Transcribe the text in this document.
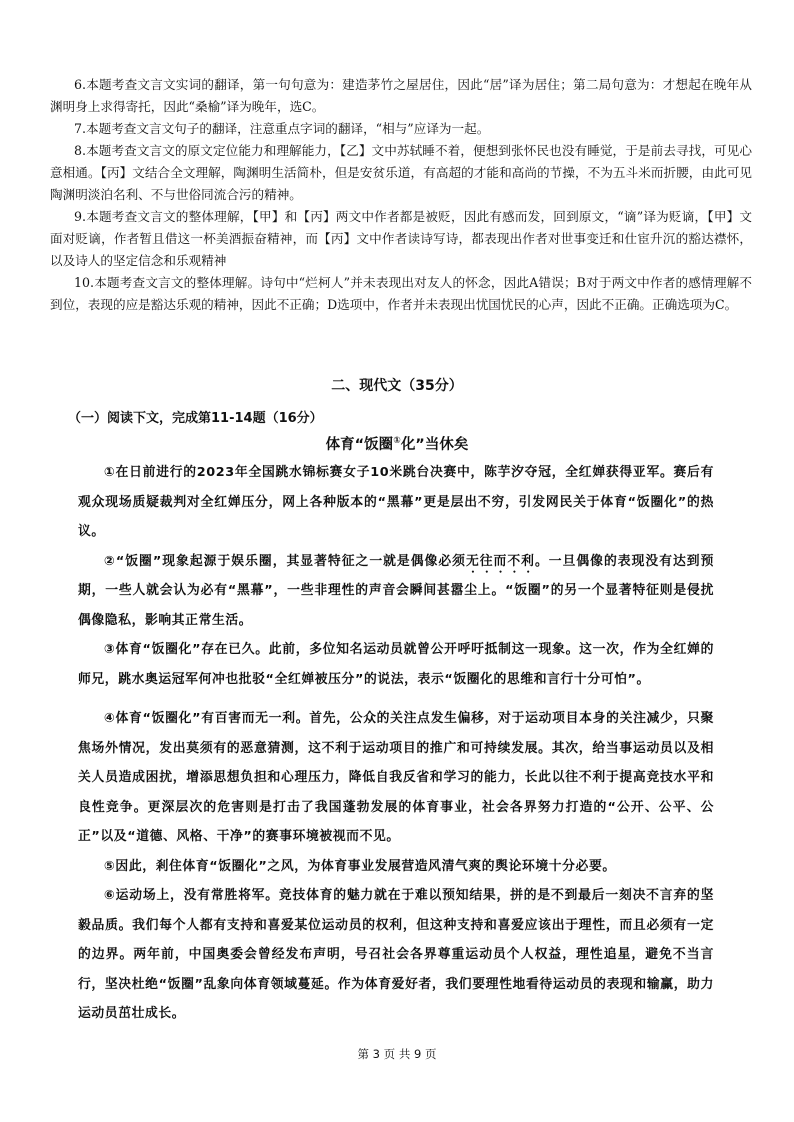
6.本题考查文言文实词的翻译，第一句句意为：建造茅竹之屋居住，因此“居”译为居住；第二局句意为：才想起在晚年从渊明身上求得寄托，因此“桑榆”译为晚年，选C。

7.本题考查文言文句子的翻译，注意重点字词的翻译，“相与”应译为一起。

8.本题考查文言文的原文定位能力和理解能力，【乙】文中苏轼睡不着，便想到张怀民也没有睡觉，于是前去寻找，可见心意相通。【丙】文结合全文理解，陶渊明生活简朴，但是安贫乐道，有高超的才能和高尚的节操，不为五斗米而折腰，由此可见陶渊明淡泊名利、不与世俗同流合污的精神。

9.本题考查文言文的整体理解，【甲】和【丙】两文中作者都是被贬，因此有感而发，回到原文，“谪”译为贬谪，【甲】文面对贬谪，作者暂且借这一杯美酒振奋精神，而【丙】文中作者读诗写诗，都表现出作者对世事变迁和仕宦升沉的豁达襟怀，以及诗人的坚定信念和乐观精神

10.本题考查文言文的整体理解。诗句中“烂柯人”并未表现出对友人的怀念，因此A错误；B对于两文中作者的感情理解不到位，表现的应是豁达乐观的精神，因此不正确；D选项中，作者并未表现出忧国忧民的心声，因此不正确。正确选项为C。

二、现代文（35分）
（一）阅读下文，完成第11-14题（16分）
体育“饭圈①化”当休矣

①在日前进行的2023年全国跳水锦标赛女子10米跳台决赛中，陈芋汐夺冠，全红婵获得亚军。赛后有观众现场质疑裁判对全红婵压分，网上各种版本的“黑幕”更是层出不穷，引发网民关于体育“饭圈化”的热议。

②“饭圈”现象起源于娱乐圈，其显著特征之一就是偶像必须无往而不利。一旦偶像的表现没有达到预期，一些人就会认为必有“黑幕”，一些非理性的声音会瞬间甚嚣尘上。“饭圈”的另一个显著特征则是侵扰偶像隐私，影响其正常生活。

③体育“饭圈化”存在已久。此前，多位知名运动员就曾公开呼吁抵制这一现象。这一次，作为全红婵的师兄，跳水奥运冠军何冲也批驳“全红婵被压分”的说法，表示“饭圈化的思维和言行十分可怕”。

④体育“饭圈化”有百害而无一利。首先，公众的关注点发生偏移，对于运动项目本身的关注减少，只聚焦场外情况，发出莫须有的恶意猜测，这不利于运动项目的推广和可持续发展。其次，给当事运动员以及相关人员造成困扰，增添思想负担和心理压力，降低自我反省和学习的能力，长此以往不利于提高竞技水平和良性竞争。更深层次的危害则是打击了我国蓬勃发展的体育事业，社会各界努力打造的“公开、公平、公正”以及“道德、风格、干净”的赛事环境被视而不见。

⑤因此，剎住体育“饭圈化”之风，为体育事业发展营造风清气爽的舆论环境十分必要。

⑥运动场上，没有常胜将军。竞技体育的魅力就在于难以预知结果，拼的是不到最后一刻决不言弃的坚毅品质。我们每个人都有支持和喜爱某位运动员的权利，但这种支持和喜爱应该出于理性，而且必须有一定的边界。两年前，中国奥委会曾经发布声明，号召社会各界尊重运动员个人权益，理性追星，避免不当言行，坚决杜绝“饭圈”乱象向体育领域蔓延。作为体育爱好者，我们要理性地看待运动员的表现和输赢，助力运动员茁壮成长。

第 3 页 共 9 页
